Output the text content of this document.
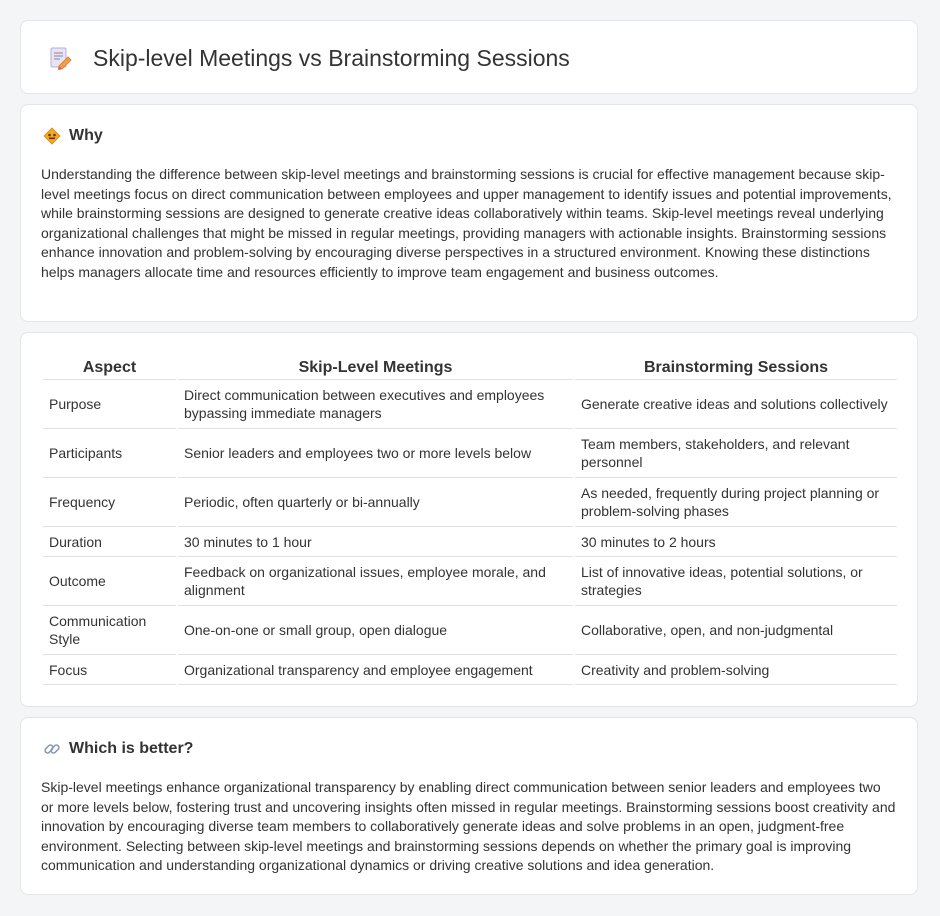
Skip-level Meetings vs Brainstorming Sessions
Why

Understanding the difference between skip-level meetings and brainstorming sessions is crucial for effective management because skip-level meetings focus on direct communication between employees and upper management to identify issues and potential improvements, while brainstorming sessions are designed to generate creative ideas collaboratively within teams. Skip-level meetings reveal underlying organizational challenges that might be missed in regular meetings, providing managers with actionable insights. Brainstorming sessions enhance innovation and problem-solving by encouraging diverse perspectives in a structured environment. Knowing these distinctions helps managers allocate time and resources efficiently to improve team engagement and business outcomes.

Aspect	Skip-Level Meetings	Brainstorming Sessions
Purpose	Direct communication between executives and employees bypassing immediate managers	Generate creative ideas and solutions collectively
Participants	Senior leaders and employees two or more levels below	Team members, stakeholders, and relevant personnel
Frequency	Periodic, often quarterly or bi-annually	As needed, frequently during project planning or problem-solving phases
Duration	30 minutes to 1 hour	30 minutes to 2 hours
Outcome	Feedback on organizational issues, employee morale, and alignment	List of innovative ideas, potential solutions, or strategies
Communication Style	One-on-one or small group, open dialogue	Collaborative, open, and non-judgmental
Focus	Organizational transparency and employee engagement	Creativity and problem-solving
Which is better?

Skip-level meetings enhance organizational transparency by enabling direct communication between senior leaders and employees two or more levels below, fostering trust and uncovering insights often missed in regular meetings. Brainstorming sessions boost creativity and innovation by encouraging diverse team members to collaboratively generate ideas and solve problems in an open, judgment-free environment. Selecting between skip-level meetings and brainstorming sessions depends on whether the primary goal is improving communication and understanding organizational dynamics or driving creative solutions and idea generation.
